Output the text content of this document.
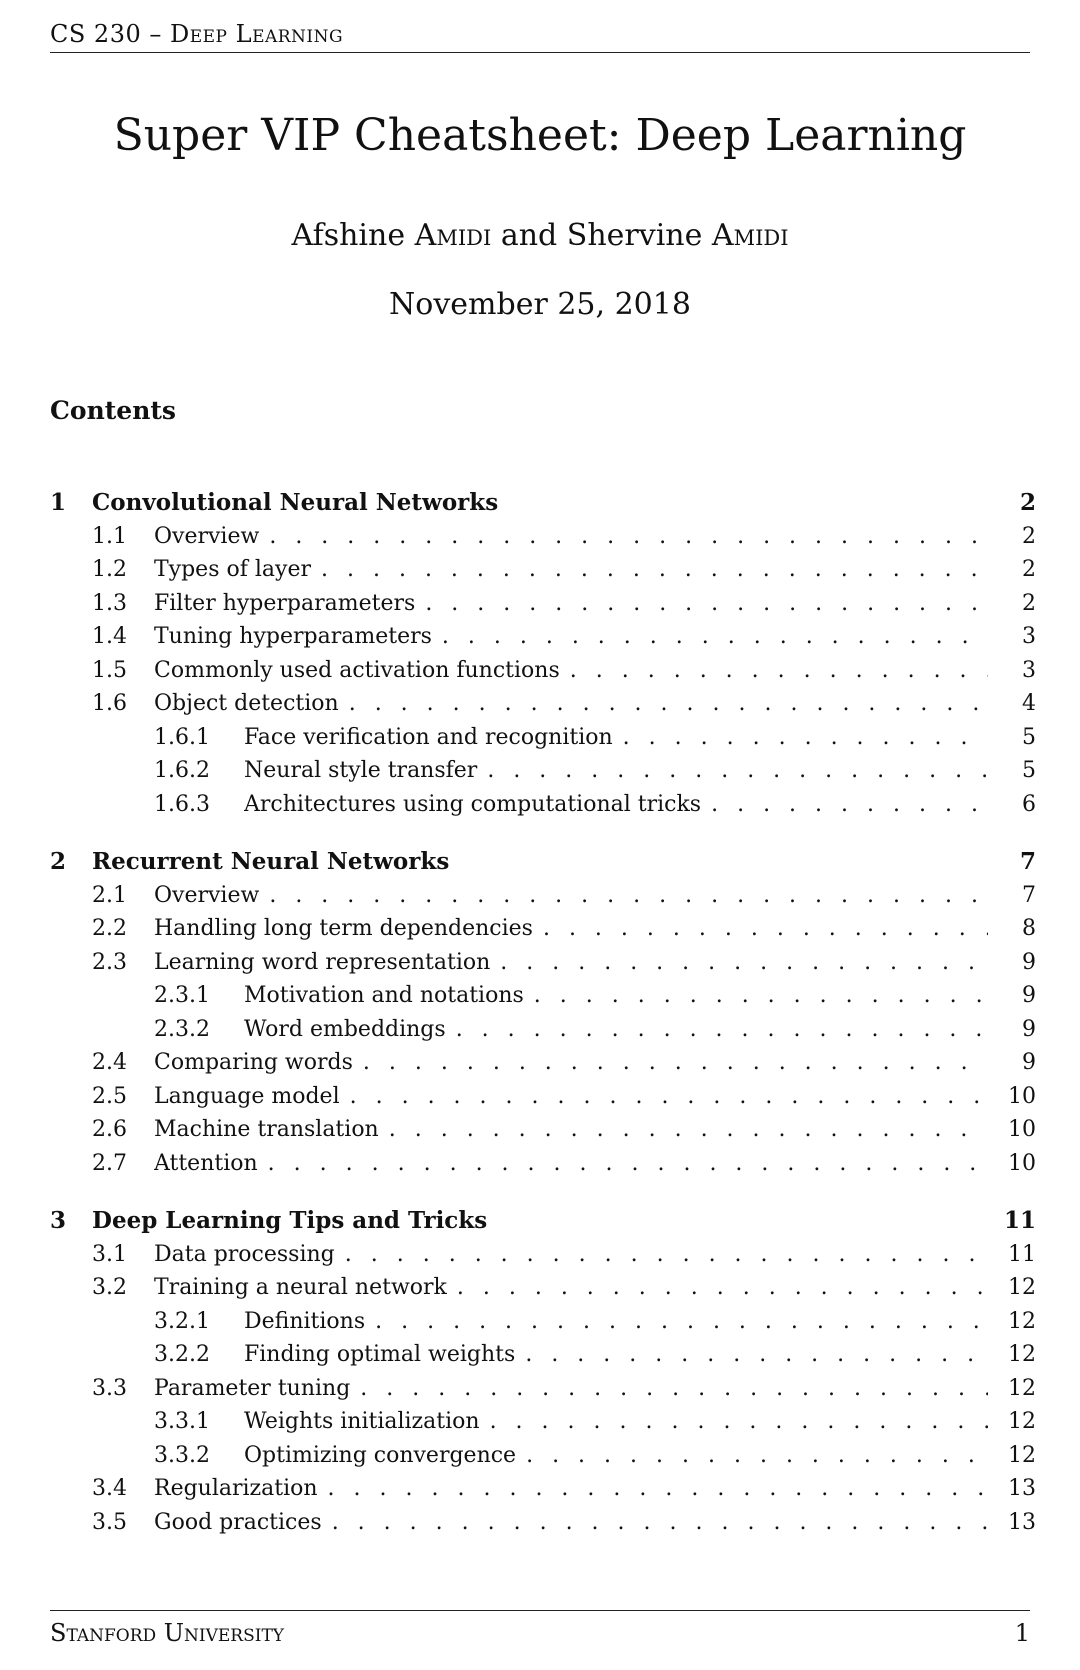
CS 230 – Deep Learning
Super VIP Cheatsheet: Deep Learning
Afshine Amidi and Shervine Amidi
November 25, 2018
Contents
1	Convolutional Neural Networks	2
1.1	Overview . . .	2
1.2	Types of layer . . .	2
1.3	Filter hyperparameters . . .	2
1.4	Tuning hyperparameters . . .	3
1.5	Commonly used activation functions . . .	3
1.6	Object detection . . .	4
1.6.1	Face verification and recognition . . .	5
1.6.2	Neural style transfer . . .	5
1.6.3	Architectures using computational tricks . . .	6
2	Recurrent Neural Networks	7
2.1	Overview . . .	7
2.2	Handling long term dependencies . . .	8
2.3	Learning word representation . . .	9
2.3.1	Motivation and notations . . .	9
2.3.2	Word embeddings . . .	9
2.4	Comparing words . . .	9
2.5	Language model . . .	10
2.6	Machine translation . . .	10
2.7	Attention . . .	10
3	Deep Learning Tips and Tricks	11
3.1	Data processing . . .	11
3.2	Training a neural network . . .	12
3.2.1	Definitions . . .	12
3.2.2	Finding optimal weights . . .	12
3.3	Parameter tuning . . .	12
3.3.1	Weights initialization . . .	12
3.3.2	Optimizing convergence . . .	12
3.4	Regularization . . .	13
3.5	Good practices . . .	13
Stanford University	1
